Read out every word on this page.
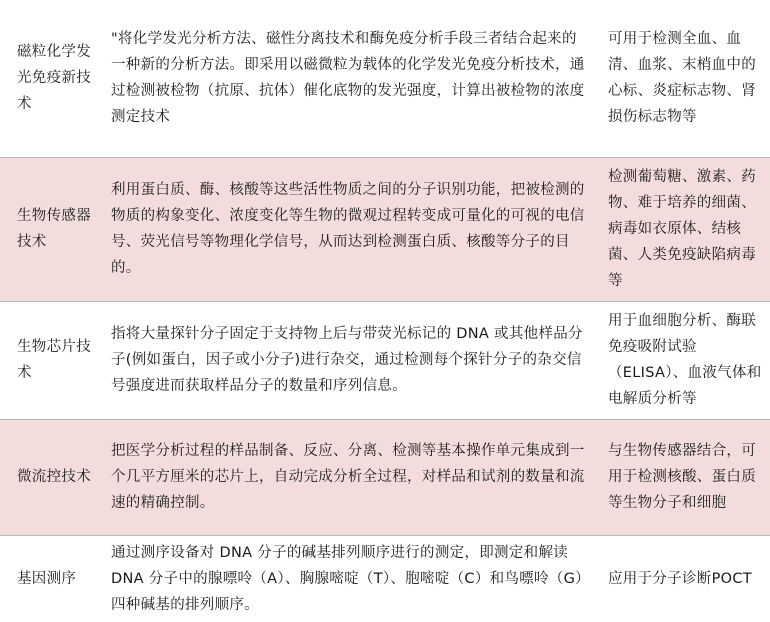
磁粒化学发光免疫新技术	"将化学发光分析方法、磁性分离技术和酶免疫分析手段三者结合起来的一种新的分析方法。即采用以磁微粒为载体的化学发光免疫分析技术，通过检测被检物（抗原、抗体）催化底物的发光强度，计算出被检物的浓度测定技术	可用于检测全血、血清、血浆、末梢血中的心标、炎症标志物、肾损伤标志物等
生物传感器技术	利用蛋白质、酶、核酸等这些活性物质之间的分子识别功能，把被检测的物质的构象变化、浓度变化等生物的微观过程转变成可量化的可视的电信号、荧光信号等物理化学信号，从而达到检测蛋白质、核酸等分子的目的。	检测葡萄糖、激素、药物、难于培养的细菌、病毒如衣原体、结核菌、人类免疫缺陷病毒等
生物芯片技术	指将大量探针分子固定于支持物上后与带荧光标记的 DNA 或其他样品分子(例如蛋白，因子或小分子)进行杂交，通过检测每个探针分子的杂交信号强度进而获取样品分子的数量和序列信息。	用于血细胞分析、酶联免疫吸附试验（ELISA）、血液气体和电解质分析等
微流控技术	把医学分析过程的样品制备、反应、分离、检测等基本操作单元集成到一个几平方厘米的芯片上，自动完成分析全过程，对样品和试剂的数量和流速的精确控制。	与生物传感器结合，可用于检测核酸、蛋白质等生物分子和细胞
基因测序	通过测序设备对 DNA 分子的碱基排列顺序进行的测定，即测定和解读 DNA 分子中的腺嘌呤（A）、胸腺嘧啶（T）、胞嘧啶（C）和鸟嘌呤（G）四种碱基的排列顺序。	应用于分子诊断POCT
